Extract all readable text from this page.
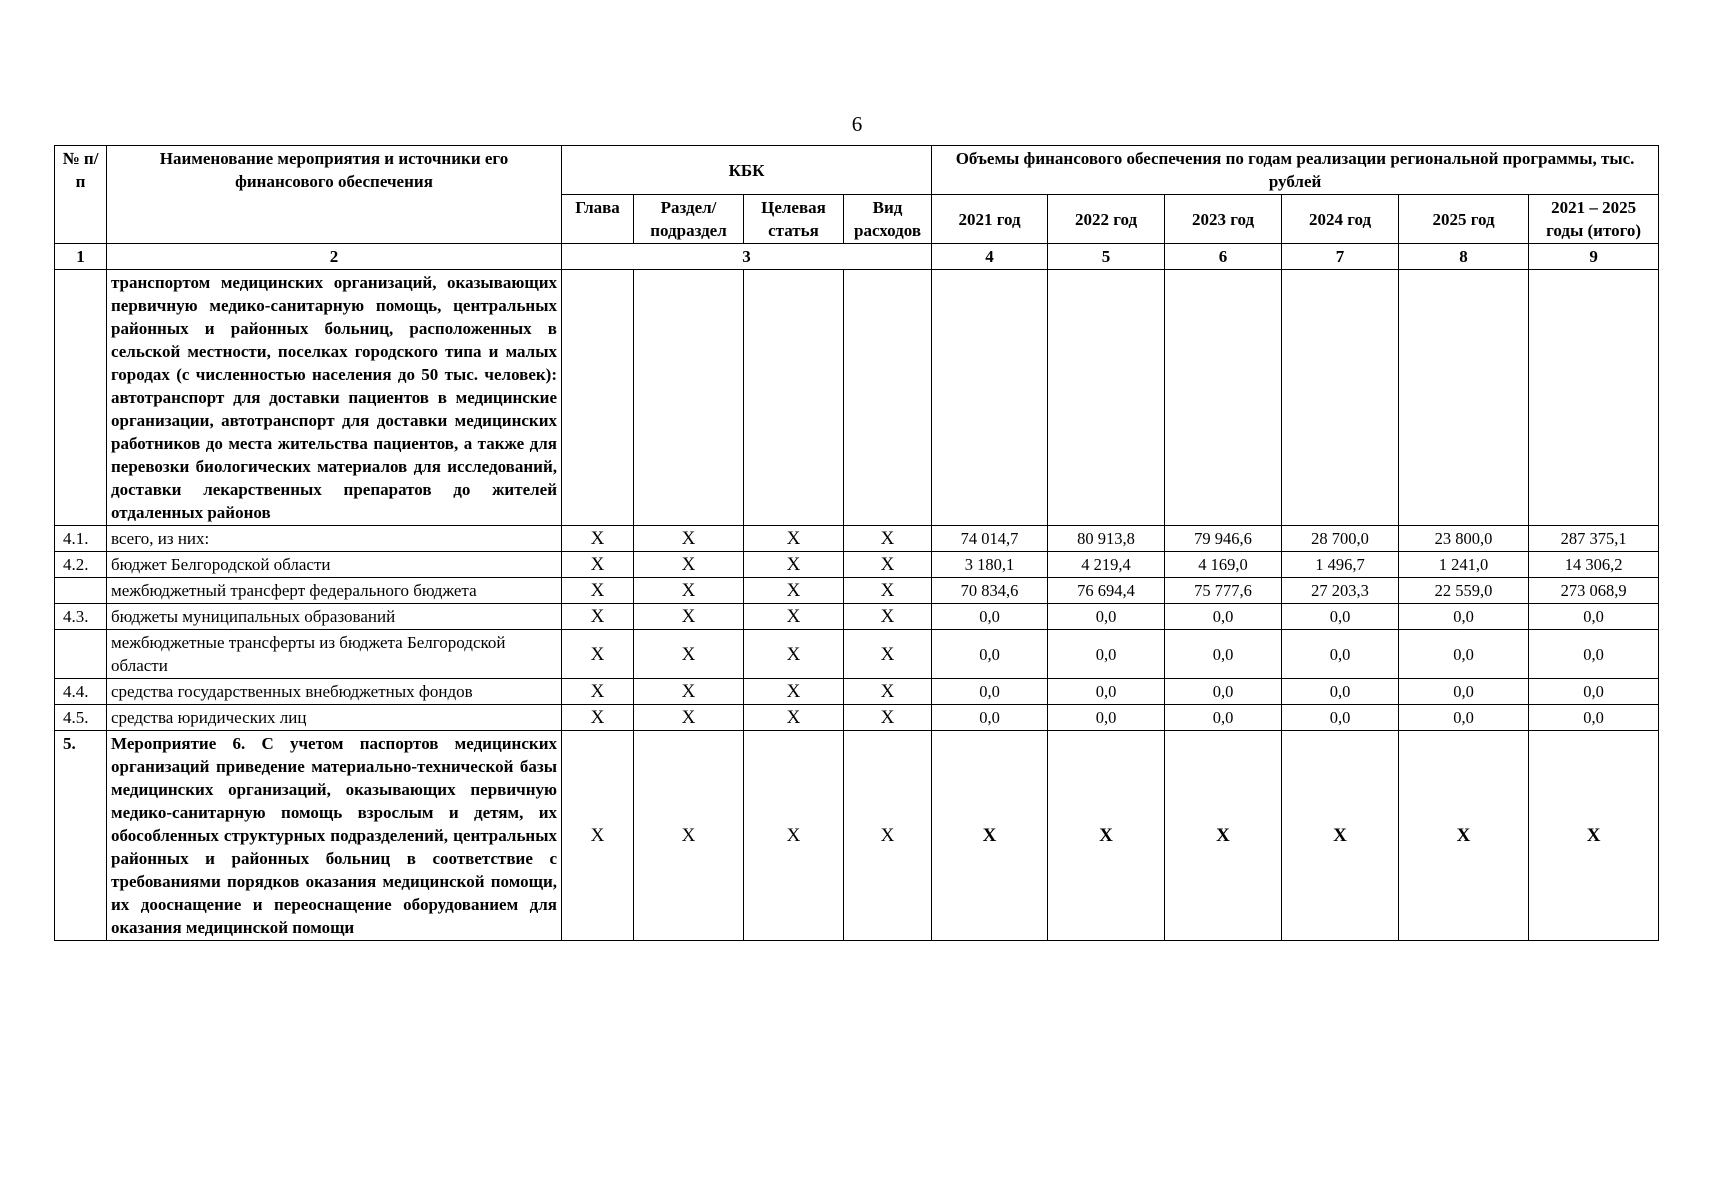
6
№ п/п	Наименование мероприятия и источники его финансового обеспечения	КБК				Объемы финансового обеспечения по годам реализации региональной программы, тыс. рублей					
		Глава	Раздел/ подраздел	Целевая статья	Вид расходов	2021 год	2022 год	2023 год	2024 год	2025 год	2021 – 2025 годы (итого)
1	2	3				4	5	6	7	8	9
	транспортом медицинских организаций, оказывающих первичную медико-санитарную помощь, центральных районных и районных больниц, расположенных в сельской местности, поселках городского типа и малых городах (с численностью населения до 50 тыс. человек): автотранспорт для доставки пациентов в медицинские организации, автотранспорт для доставки медицинских работников до места жительства пациентов, а также для перевозки биологических материалов для исследований, доставки лекарственных препаратов до жителей отдаленных районов										
4.1.	всего, из них:	Х	Х	Х	Х	74 014,7	80 913,8	79 946,6	28 700,0	23 800,0	287 375,1
4.2.	бюджет Белгородской области	Х	Х	Х	Х	3 180,1	4 219,4	4 169,0	1 496,7	1 241,0	14 306,2
	межбюджетный трансферт федерального бюджета	Х	Х	Х	Х	70 834,6	76 694,4	75 777,6	27 203,3	22 559,0	273 068,9
4.3.	бюджеты муниципальных образований	Х	Х	Х	Х	0,0	0,0	0,0	0,0	0,0	0,0
	межбюджетные трансферты из бюджета Белгородской области	Х	Х	Х	Х	0,0	0,0	0,0	0,0	0,0	0,0
4.4.	средства государственных внебюджетных фондов	Х	Х	Х	Х	0,0	0,0	0,0	0,0	0,0	0,0
4.5.	средства юридических лиц	Х	Х	Х	Х	0,0	0,0	0,0	0,0	0,0	0,0
5.	Мероприятие 6. С учетом паспортов медицинских организаций приведение материально-технической базы медицинских организаций, оказывающих первичную медико-санитарную помощь взрослым и детям, их обособленных структурных подразделений, центральных районных и районных больниц в соответствие с требованиями порядков оказания медицинской помощи, их дооснащение и переоснащение оборудованием для оказания медицинской помощи	Х	Х	Х	Х	Х	Х	Х	Х	Х	Х
